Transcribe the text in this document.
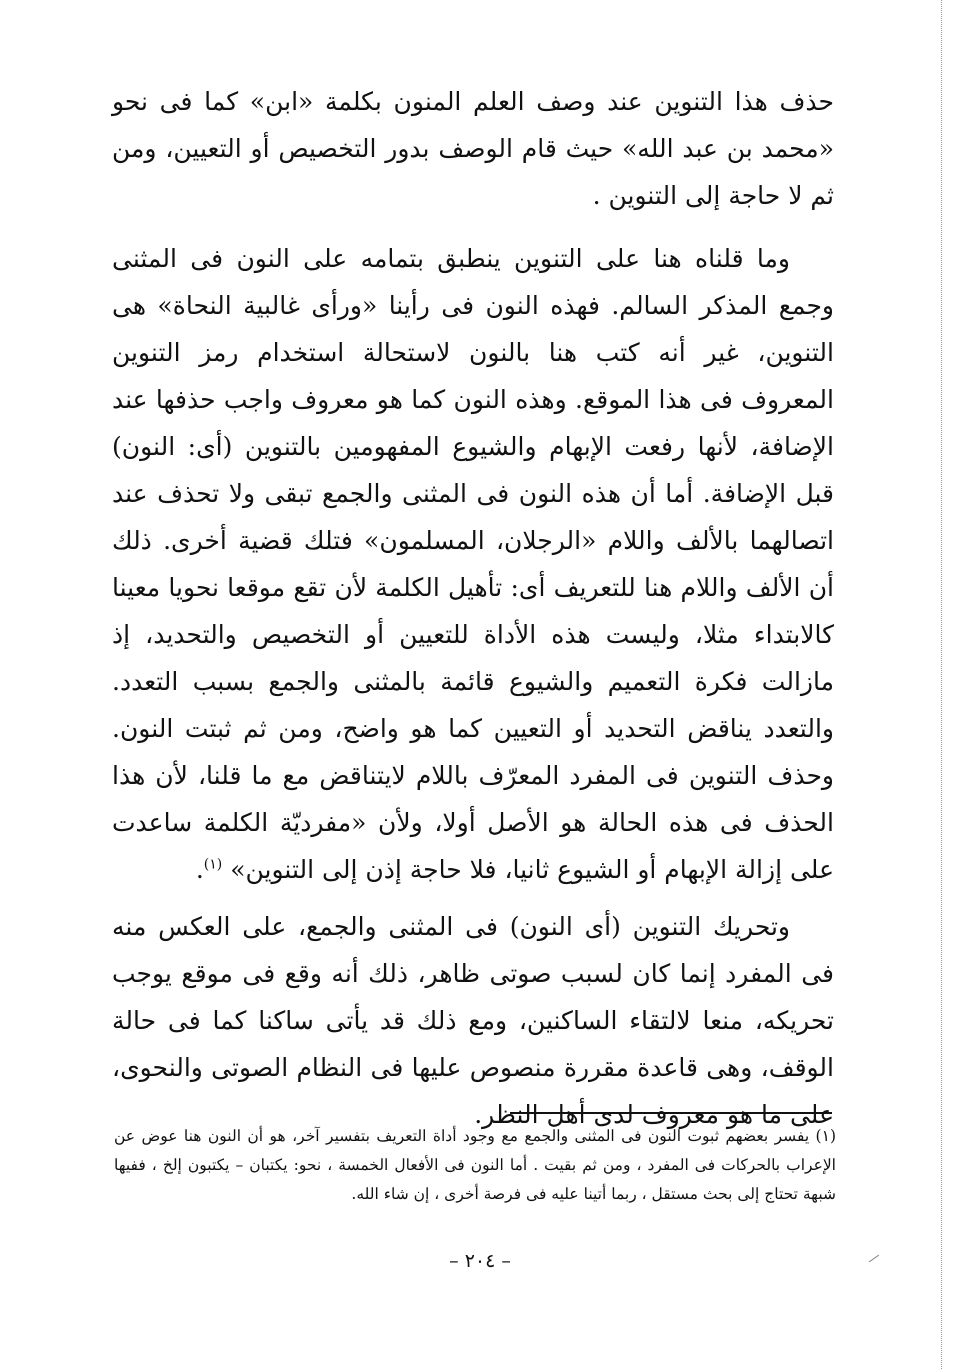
حذف هذا التنوين عند وصف العلم المنون بكلمة «ابن» كما فى نحو «محمد بن عبد الله» حيث قام الوصف بدور التخصيص أو التعيين، ومن ثم لا حاجة إلى التنوين .

وما قلناه هنا على التنوين ينطبق بتمامه على النون فى المثنى وجمع المذكر السالم. فهذه النون فى رأينا «ورأى غالبية النحاة» هى التنوين، غير أنه كتب هنا بالنون لاستحالة استخدام رمز التنوين المعروف فى هذا الموقع. وهذه النون كما هو معروف واجب حذفها عند الإضافة، لأنها رفعت الإبهام والشيوع المفهومين بالتنوين (أى: النون) قبل الإضافة. أما أن هذه النون فى المثنى والجمع تبقى ولا تحذف عند اتصالهما بالألف واللام «الرجلان، المسلمون» فتلك قضية أخرى. ذلك أن الألف واللام هنا للتعريف أى: تأهيل الكلمة لأن تقع موقعا نحويا معينا كالابتداء مثلا، وليست هذه الأداة للتعيين أو التخصيص والتحديد، إذ مازالت فكرة التعميم والشيوع قائمة بالمثنى والجمع بسبب التعدد. والتعدد يناقض التحديد أو التعيين كما هو واضح، ومن ثم ثبتت النون. وحذف التنوين فى المفرد المعرّف باللام لايتناقض مع ما قلنا، لأن هذا الحذف فى هذه الحالة هو الأصل أولا، ولأن «مفرديّة الكلمة ساعدت على إزالة الإبهام أو الشيوع ثانيا، فلا حاجة إذن إلى التنوين» $^{(١)}$.

وتحريك التنوين (أى النون) فى المثنى والجمع، على العكس منه فى المفرد إنما كان لسبب صوتى ظاهر، ذلك أنه وقع فى موقع يوجب تحريكه، منعا لالتقاء الساكنين، ومع ذلك قد يأتى ساكنا كما فى حالة الوقف، وهى قاعدة مقررة منصوص عليها فى النظام الصوتى والنحوى، على ما هو معروف لدى أهل النظر.

(١) يفسر بعضهم ثبوت النون فى المثنى والجمع مع وجود أداة التعريف بتفسير آخر، هو أن النون هنا عوض عن الإعراب بالحركات فى المفرد ، ومن ثم بقيت . أما النون فى الأفعال الخمسة ، نحو: يكتبان – يكتبون إلخ ، ففيها شبهة تحتاج إلى بحث مستقل ، ربما أتينا عليه فى فرصة أخرى ، إن شاء الله.

– ٢٠٤ –
